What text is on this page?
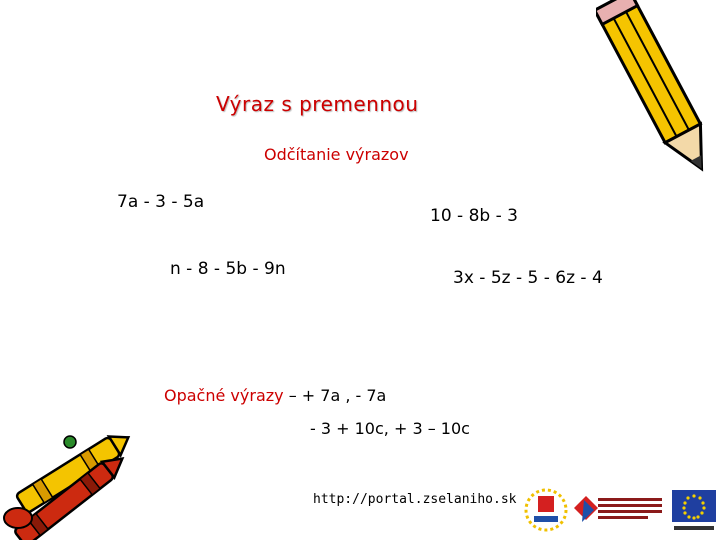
Výraz s premennou
Odčítanie výrazov
7a - 3 - 5a
10 - 8b - 3
n - 8 - 5b - 9n	3x - 5z - 5 - 6z - 4
Opačné výrazy – + 7a , - 7a
- 3 + 10c, + 3 – 10c
http://portal.zselaniho.sk
